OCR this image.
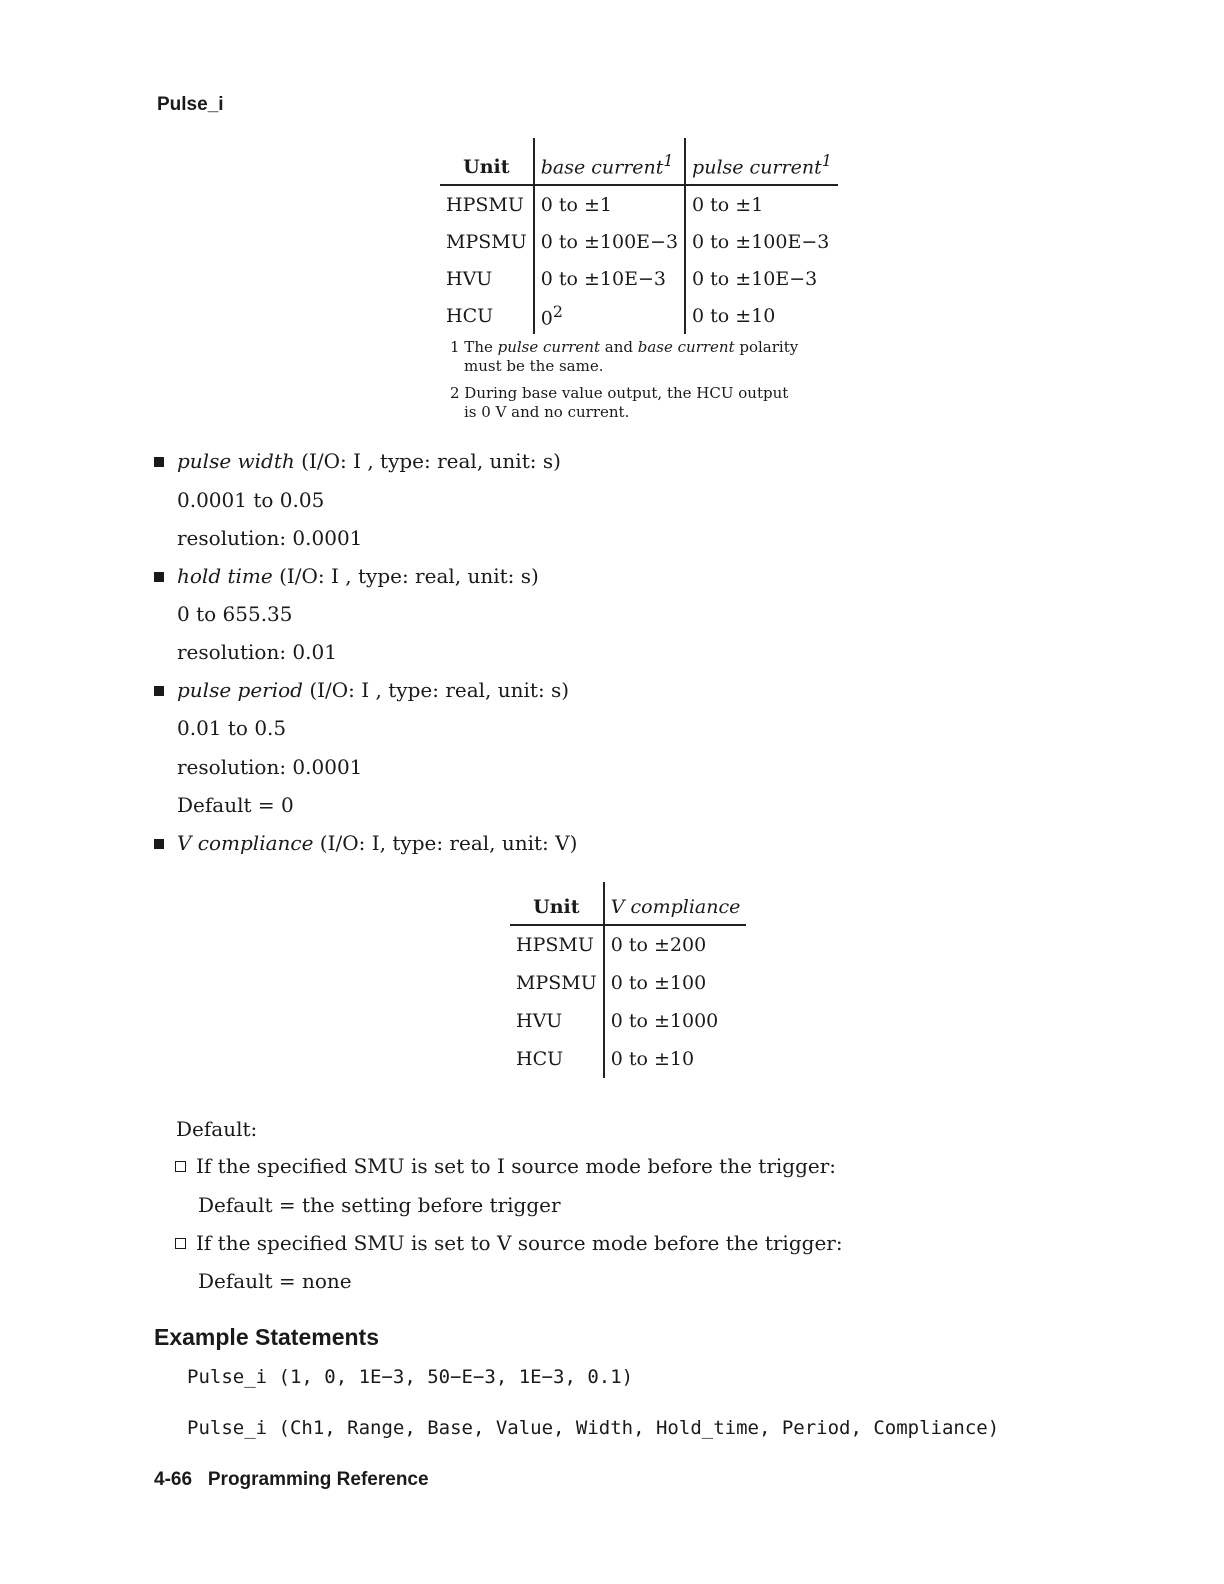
Pulse_i
Unit	base current$^1$	pulse current$^1$
HPSMU	0 to ±1	0 to ±1
MPSMU	0 to ±100E−3	0 to ±100E−3
HVU	0 to ±10E−3	0 to ±10E−3
HCU	$0^2$	0 to ±10
1 The pulse current and base current polarity
must be the same.
2 During base value output, the HCU output
is 0 V and no current.
pulse width (I/O: I , type: real, unit: s)
0.0001 to 0.05
resolution: 0.0001
hold time (I/O: I , type: real, unit: s)
0 to 655.35
resolution: 0.01
pulse period (I/O: I , type: real, unit: s)
0.01 to 0.5
resolution: 0.0001
Default = 0
V compliance (I/O: I, type: real, unit: V)
Unit	V compliance
HPSMU	0 to ±200
MPSMU	0 to ±100
HVU	0 to ±1000
HCU	0 to ±10
Default:
If the specified SMU is set to I source mode before the trigger:
Default = the setting before trigger
If the specified SMU is set to V source mode before the trigger:
Default = none
Example Statements
Pulse_i (1, 0, 1E−3, 50−E−3, 1E−3, 0.1)
Pulse_i (Ch1, Range, Base, Value, Width, Hold_time, Period, Compliance)
4-66 Programming Reference
